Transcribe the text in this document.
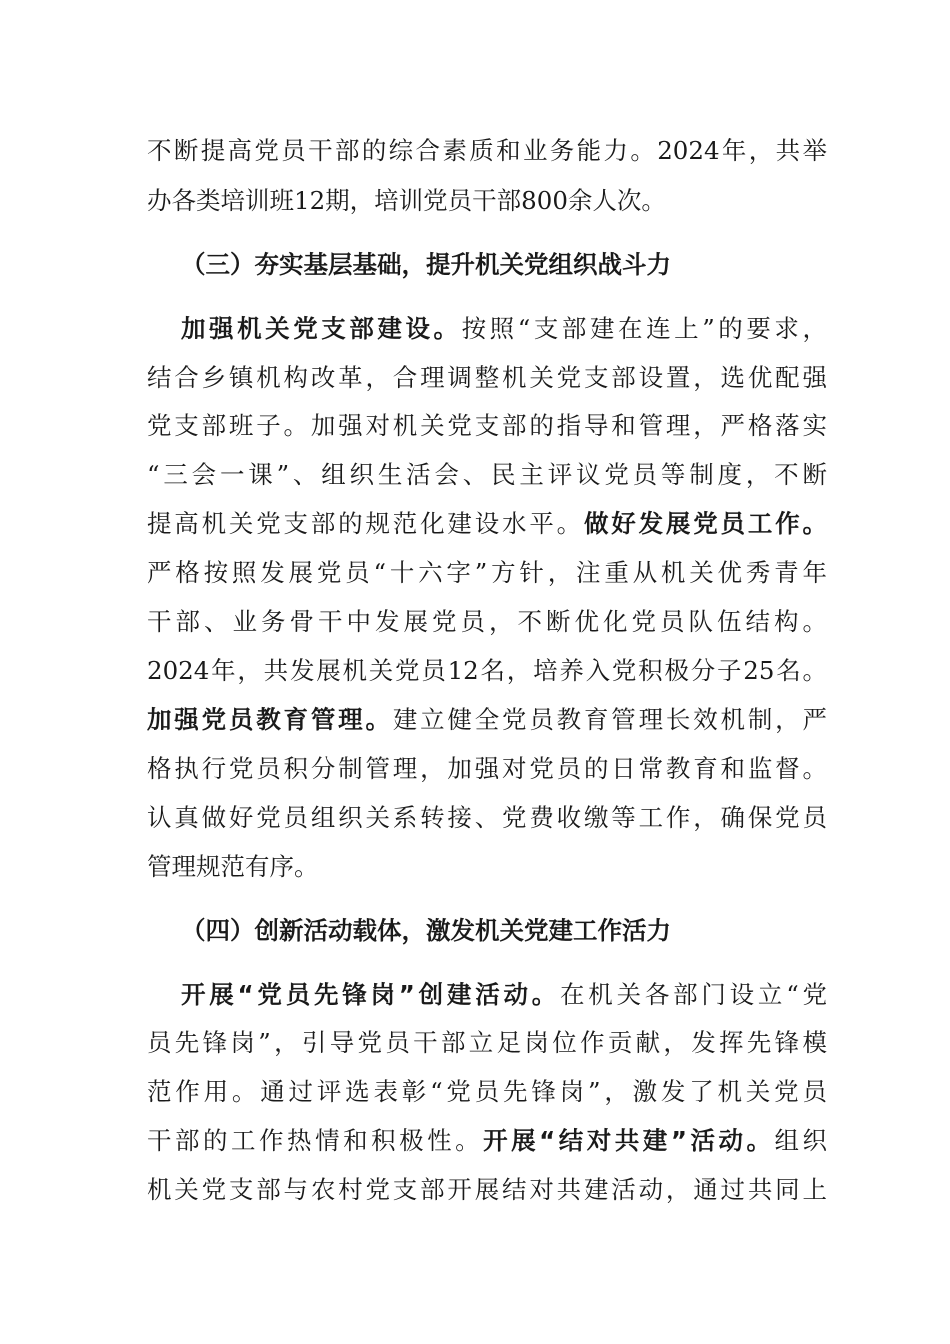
不断提高党员干部的综合素质和业务能力。2024年，共举
办各类培训班12期，培训党员干部800余人次。
（三）夯实基层基础，提升机关党组织战斗力
加强机关党支部建设。按照“支部建在连上”的要求，
结合乡镇机构改革，合理调整机关党支部设置，选优配强
党支部班子。加强对机关党支部的指导和管理，严格落实
“三会一课”、组织生活会、民主评议党员等制度，不断
提高机关党支部的规范化建设水平。做好发展党员工作。
严格按照发展党员“十六字”方针，注重从机关优秀青年
干部、业务骨干中发展党员，不断优化党员队伍结构。
2024年，共发展机关党员12名，培养入党积极分子25名。
加强党员教育管理。建立健全党员教育管理长效机制，严
格执行党员积分制管理，加强对党员的日常教育和监督。
认真做好党员组织关系转接、党费收缴等工作，确保党员
管理规范有序。
（四）创新活动载体，激发机关党建工作活力
开展“党员先锋岗”创建活动。在机关各部门设立“党
员先锋岗”，引导党员干部立足岗位作贡献，发挥先锋模
范作用。通过评选表彰“党员先锋岗”，激发了机关党员
干部的工作热情和积极性。开展“结对共建”活动。组织
机关党支部与农村党支部开展结对共建活动，通过共同上
